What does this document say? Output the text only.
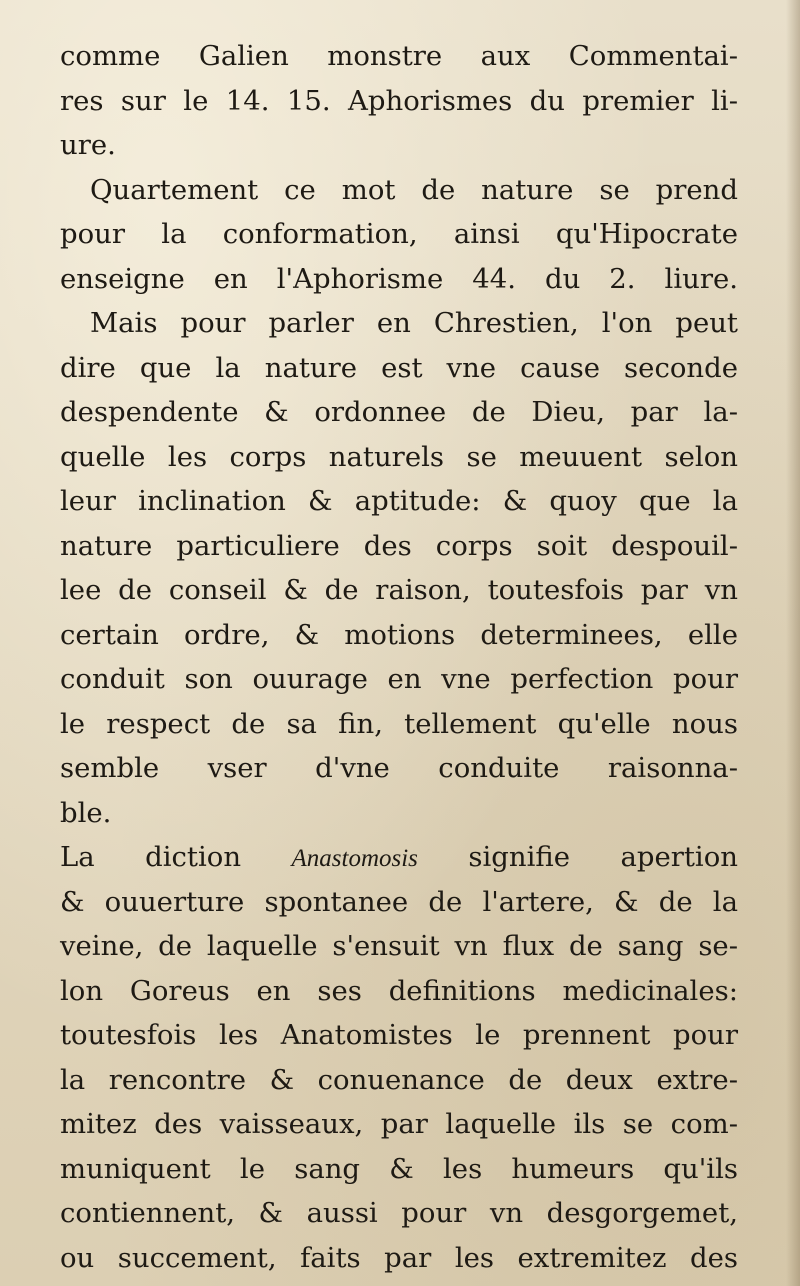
comme Galien monstre aux Commentai-
res sur le 14. 15. Aphorismes du premier li-
ure.
Quartement ce mot de nature se prend
pour la conformation, ainsi qu'Hipocrate
enseigne en l'Aphorisme 44. du 2. liure.
Mais pour parler en Chrestien, l'on peut
dire que la nature est vne cause seconde
despendente & ordonnee de Dieu, par la-
quelle les corps naturels se meuuent selon
leur inclination & aptitude: & quoy que la
nature particuliere des corps soit despouil-
lee de conseil & de raison, toutesfois par vn
certain ordre, & motions determinees, elle
conduit son ouurage en vne perfection pour
le respect de sa fin, tellement qu'elle nous
semble vser d'vne conduite raisonna-
ble.
La diction Anastomosis signifie apertion
& ouuerture spontanee de l'artere, & de la
veine, de laquelle s'ensuit vn flux de sang se-
lon Goreus en ses definitions medicinales:
toutesfois les Anatomistes le prennent pour
la rencontre & conuenance de deux extre-
mitez des vaisseaux, par laquelle ils se com-
muniquent le sang & les humeurs qu'ils
contiennent, & aussi pour vn desgorgemet,
ou succement, faits par les extremitez des
